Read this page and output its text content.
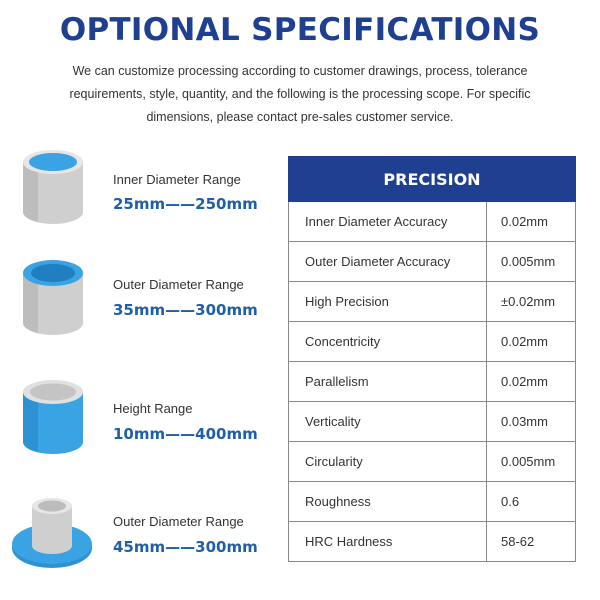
OPTIONAL SPECIFICATIONS
We can customize processing according to customer drawings, process, tolerance requirements, style, quantity, and the following is the processing scope. For specific dimensions, please contact pre-sales customer service.
Inner Diameter Range
25mm——250mm
Outer Diameter Range
35mm——300mm
Height Range
10mm——400mm
Outer Diameter Range
45mm——300mm
PRECISION	
Inner Diameter Accuracy	0.02mm
Outer Diameter Accuracy	0.005mm
High Precision	±0.02mm
Concentricity	0.02mm
Parallelism	0.02mm
Verticality	0.03mm
Circularity	0.005mm
Roughness	0.6
HRC Hardness	58-62
